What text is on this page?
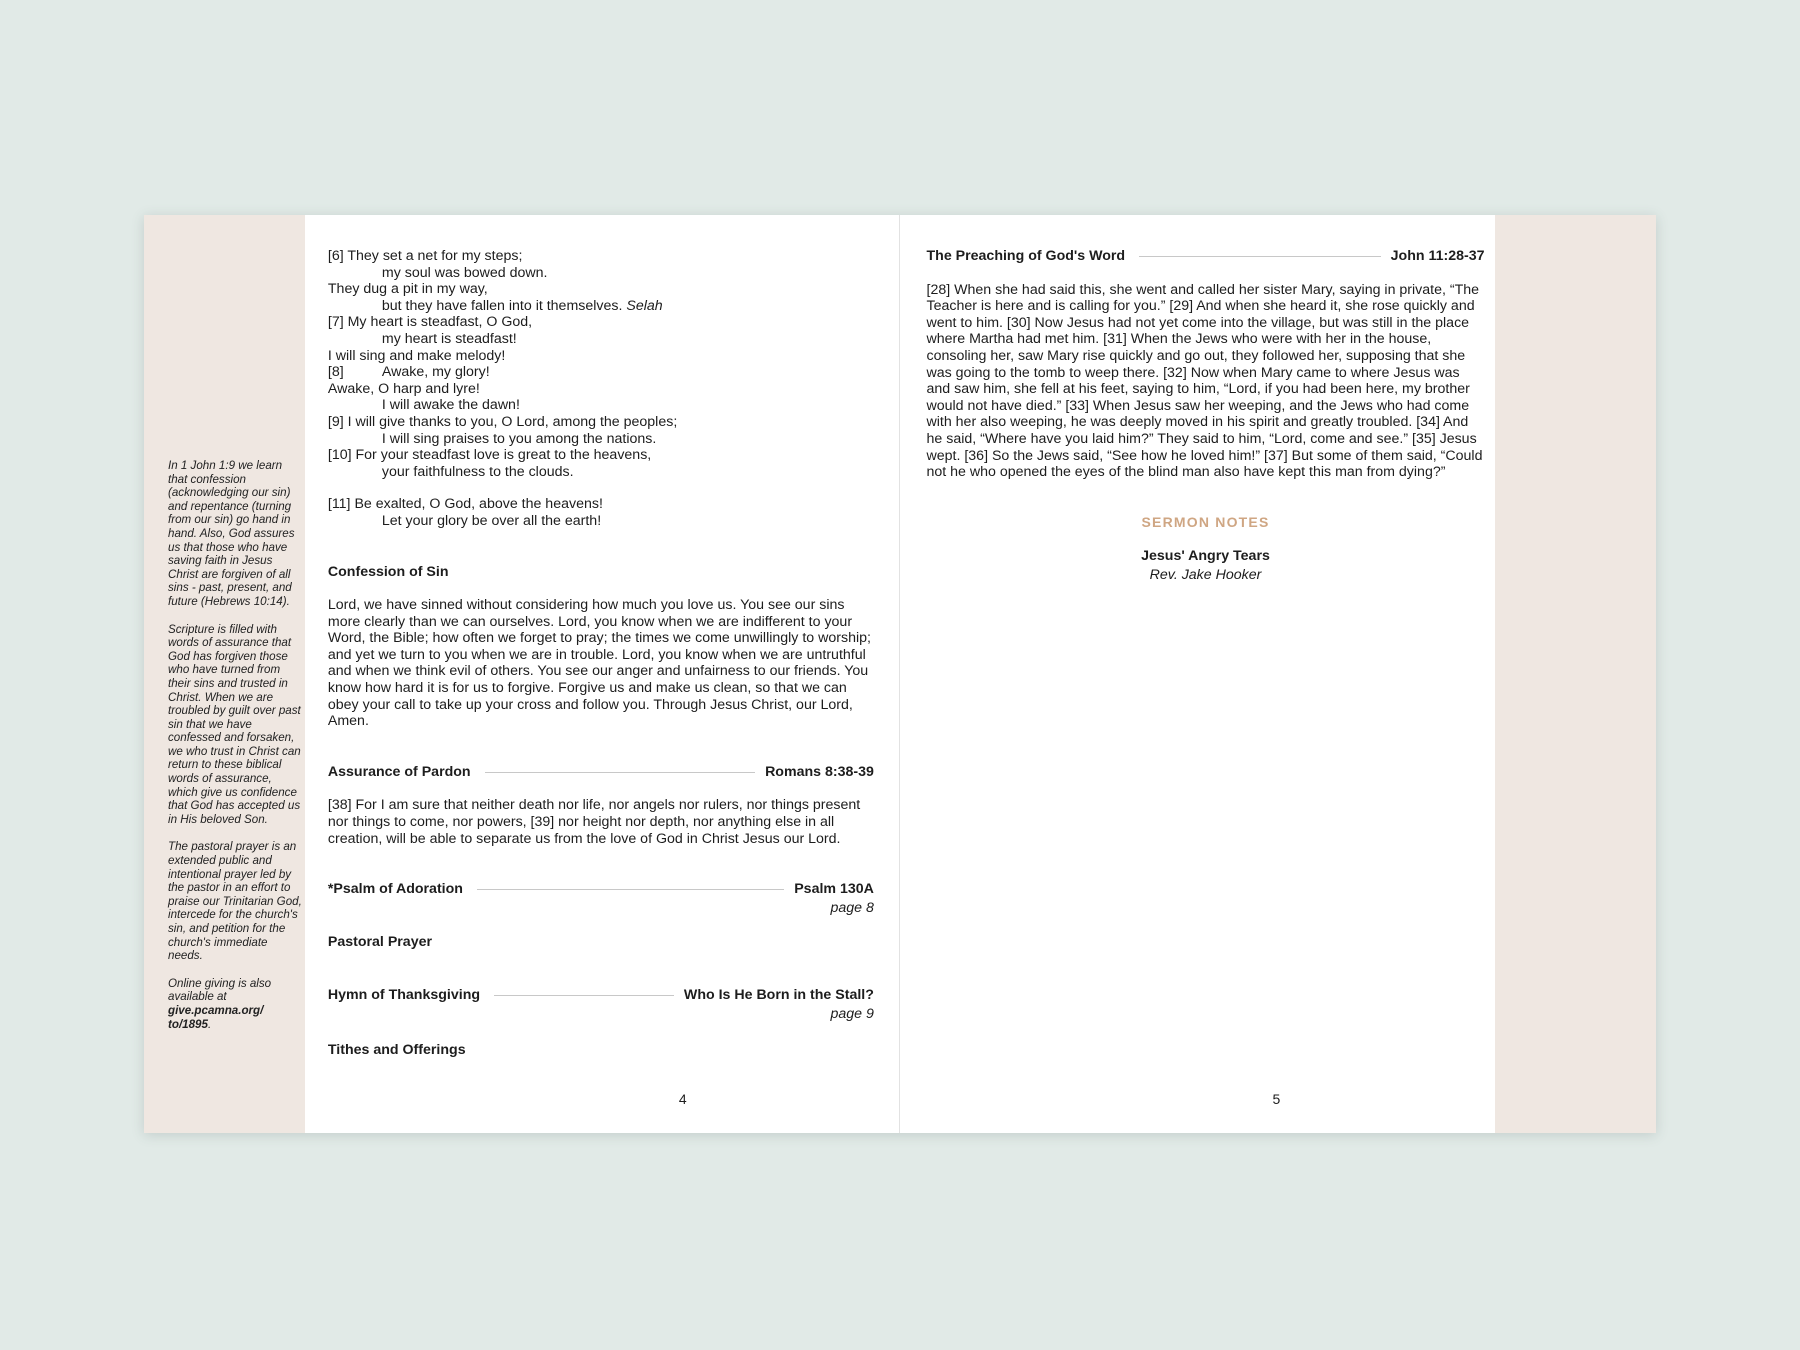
In 1 John 1:9 we learn that confession (acknowledging our sin) and repentance (turning from our sin) go hand in hand. Also, God assures us that those who have saving faith in Jesus Christ are forgiven of all sins - past, present, and future (Hebrews 10:14).

Scripture is filled with words of assurance that God has forgiven those who have turned from their sins and trusted in Christ. When we are troubled by guilt over past sin that we have confessed and forsaken, we who trust in Christ can return to these biblical words of assurance, which give us confidence that God has accepted us in His beloved Son.

The pastoral prayer is an extended public and intentional prayer led by the pastor in an effort to praise our Trinitarian God, intercede for the church's sin, and petition for the church's immediate needs.

Online giving is also available at give.pcamna.org/ to/1895.

[6] They set a net for my steps;

my soul was bowed down.

They dug a pit in my way,

but they have fallen into it themselves. Selah

[7] My heart is steadfast, O God,

my heart is steadfast!

I will sing and make melody!

[8]	Awake, my glory!

Awake, O harp and lyre!

I will awake the dawn!

[9] I will give thanks to you, O Lord, among the peoples;

I will sing praises to you among the nations.

[10] For your steadfast love is great to the heavens,

your faithfulness to the clouds.

[11] Be exalted, O God, above the heavens!

Let your glory be over all the earth!

Confession of Sin

Lord, we have sinned without considering how much you love us. You see our sins more clearly than we can ourselves. Lord, you know when we are indifferent to your Word, the Bible; how often we forget to pray; the times we come unwillingly to worship; and yet we turn to you when we are in trouble. Lord, you know when we are untruthful and when we think evil of others. You see our anger and unfairness to our friends. You know how hard it is for us to forgive. Forgive us and make us clean, so that we can obey your call to take up your cross and follow you. Through Jesus Christ, our Lord, Amen.

Assurance of Pardon	Romans 8:38-39

[38] For I am sure that neither death nor life, nor angels nor rulers, nor things present nor things to come, nor powers, [39] nor height nor depth, nor anything else in all creation, will be able to separate us from the love of God in Christ Jesus our Lord.

*Psalm of Adoration	Psalm 130A

page 8

Pastoral Prayer

Hymn of Thanksgiving	Who Is He Born in the Stall?

page 9

Tithes and Offerings

4
The Preaching of God's Word	John 11:28-37

[28] When she had said this, she went and called her sister Mary, saying in private, “The Teacher is here and is calling for you.” [29] And when she heard it, she rose quickly and went to him. [30] Now Jesus had not yet come into the village, but was still in the place where Martha had met him. [31] When the Jews who were with her in the house, consoling her, saw Mary rise quickly and go out, they followed her, supposing that she was going to the tomb to weep there. [32] Now when Mary came to where Jesus was and saw him, she fell at his feet, saying to him, “Lord, if you had been here, my brother would not have died.” [33] When Jesus saw her weeping, and the Jews who had come with her also weeping, he was deeply moved in his spirit and greatly troubled. [34] And he said, “Where have you laid him?” They said to him, “Lord, come and see.” [35] Jesus wept. [36] So the Jews said, “See how he loved him!” [37] But some of them said, “Could not he who opened the eyes of the blind man also have kept this man from dying?”

SERMON NOTES

Jesus' Angry Tears

Rev. Jake Hooker

5
